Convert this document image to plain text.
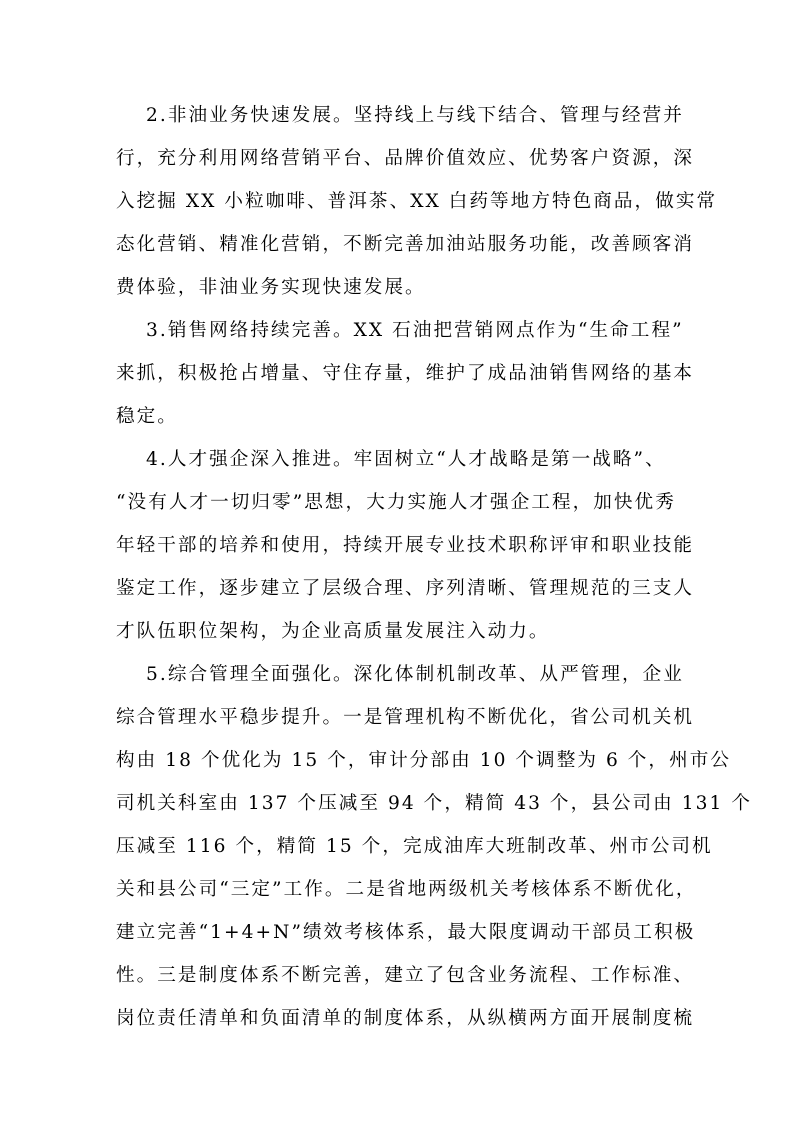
2.非油业务快速发展。坚持线上与线下结合、管理与经营并
行，充分利用网络营销平台、品牌价值效应、优势客户资源，深
入挖掘 XX 小粒咖啡、普洱茶、XX 白药等地方特色商品，做实常
态化营销、精准化营销，不断完善加油站服务功能，改善顾客消
费体验，非油业务实现快速发展。
3.销售网络持续完善。XX 石油把营销网点作为“生命工程”
来抓，积极抢占增量、守住存量，维护了成品油销售网络的基本
稳定。
4.人才强企深入推进。牢固树立“人才战略是第一战略”、
“没有人才一切归零”思想，大力实施人才强企工程，加快优秀
年轻干部的培养和使用，持续开展专业技术职称评审和职业技能
鉴定工作，逐步建立了层级合理、序列清晰、管理规范的三支人
才队伍职位架构，为企业高质量发展注入动力。
5.综合管理全面强化。深化体制机制改革、从严管理，企业
综合管理水平稳步提升。一是管理机构不断优化，省公司机关机
构由 18 个优化为 15 个，审计分部由 10 个调整为 6 个，州市公
司机关科室由 137 个压减至 94 个，精简 43 个，县公司由 131 个
压减至 116 个，精简 15 个，完成油库大班制改革、州市公司机
关和县公司“三定”工作。二是省地两级机关考核体系不断优化，
建立完善“1+4+N”绩效考核体系，最大限度调动干部员工积极
性。三是制度体系不断完善，建立了包含业务流程、工作标准、
岗位责任清单和负面清单的制度体系，从纵横两方面开展制度梳
